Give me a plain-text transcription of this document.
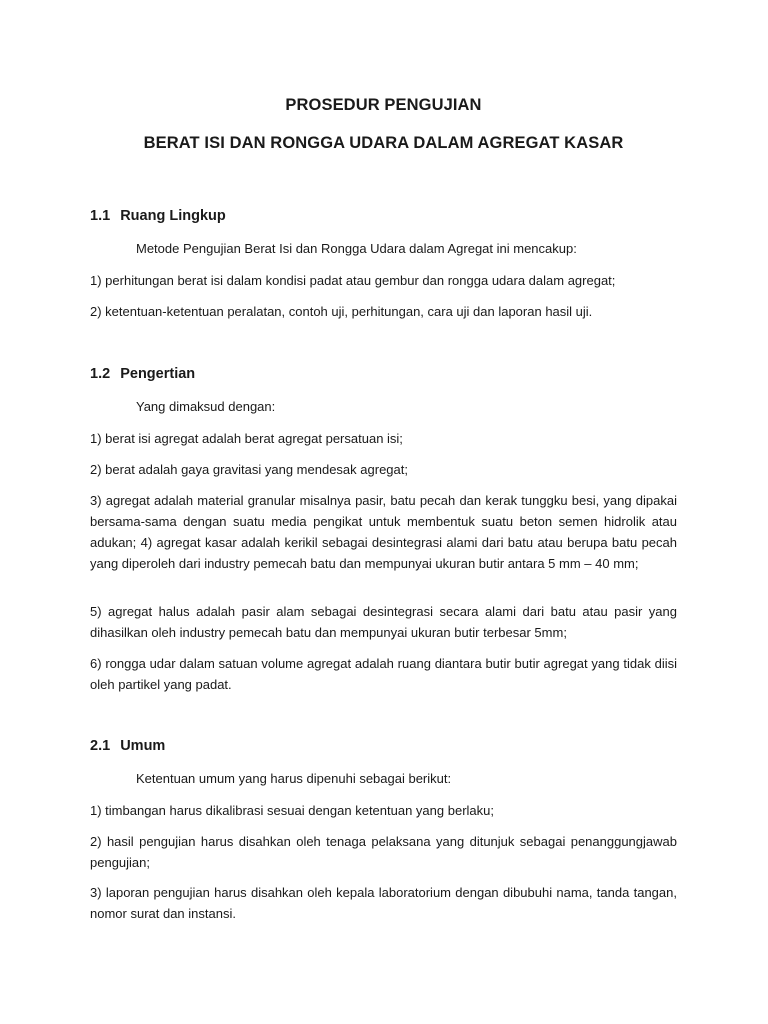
PROSEDUR PENGUJIAN
BERAT ISI DAN RONGGA UDARA DALAM AGREGAT KASAR
1.1 Ruang Lingkup

Metode Pengujian Berat Isi dan Rongga Udara dalam Agregat ini mencakup:

1) perhitungan berat isi dalam kondisi padat atau gembur dan rongga udara dalam agregat;

2) ketentuan-ketentuan peralatan, contoh uji, perhitungan, cara uji dan laporan hasil uji.

1.2 Pengertian

Yang dimaksud dengan:

1) berat isi agregat adalah berat agregat persatuan isi;

2) berat adalah gaya gravitasi yang mendesak agregat;

3) agregat adalah material granular misalnya pasir, batu pecah dan kerak tunggku besi, yang dipakai bersama-sama dengan suatu media pengikat untuk membentuk suatu beton semen hidrolik atau adukan; 4) agregat kasar adalah kerikil sebagai desintegrasi alami dari batu atau berupa batu pecah yang diperoleh dari industry pemecah batu dan mempunyai ukuran butir antara 5 mm – 40 mm;

5) agregat halus adalah pasir alam sebagai desintegrasi secara alami dari batu atau pasir yang dihasilkan oleh industry pemecah batu dan mempunyai ukuran butir terbesar 5mm;

6) rongga udar dalam satuan volume agregat adalah ruang diantara butir butir agregat yang tidak diisi oleh partikel yang padat.

2.1 Umum

Ketentuan umum yang harus dipenuhi sebagai berikut:

1) timbangan harus dikalibrasi sesuai dengan ketentuan yang berlaku;

2) hasil pengujian harus disahkan oleh tenaga pelaksana yang ditunjuk sebagai penanggungjawab pengujian;

3) laporan pengujian harus disahkan oleh kepala laboratorium dengan dibubuhi nama, tanda tangan, nomor surat dan instansi.
